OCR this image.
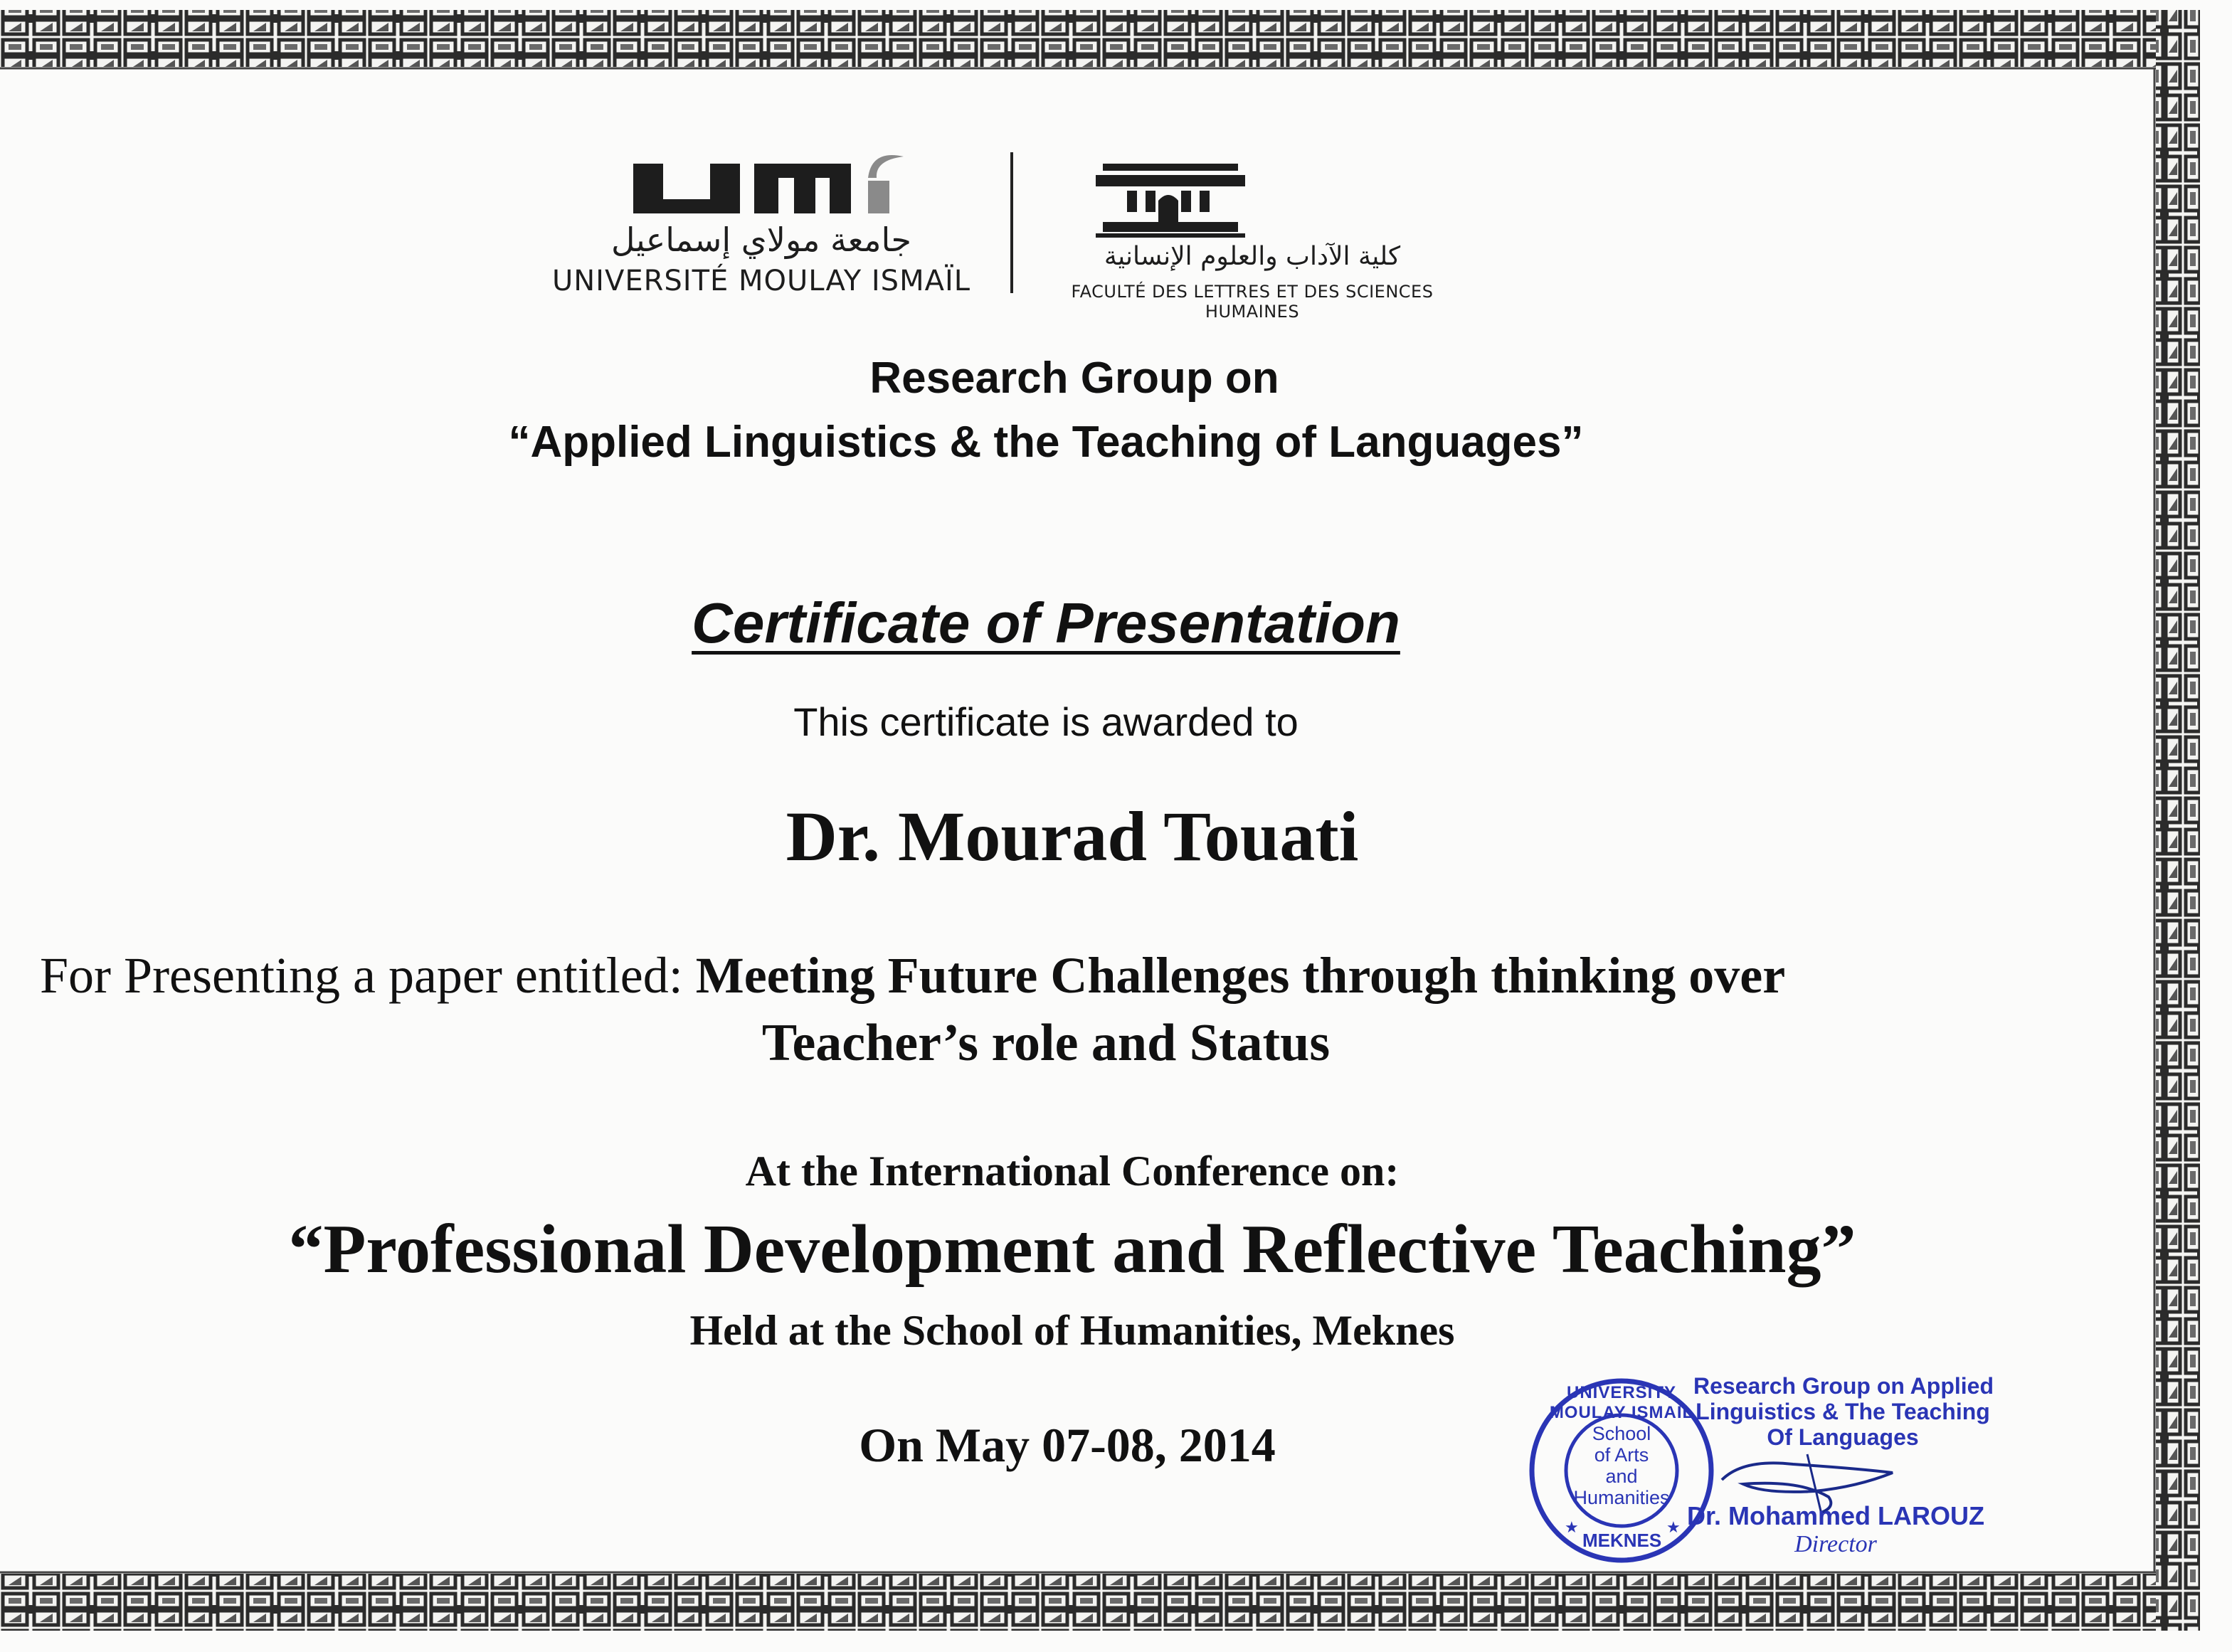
جامعة مولاي إسماعيل
UNIVERSITÉ MOULAY ISMAÏL
كلية الآداب والعلوم الإنسانية
FACULTÉ DES LETTRES ET DES SCIENCES HUMAINES
Research Group on
“Applied Linguistics & the Teaching of Languages”
Certificate of Presentation
This certificate is awarded to
Dr. Mourad Touati
For Presenting a paper entitled: Meeting Future Challenges through thinking over
Teacher’s role and Status
At the International Conference on:
“Professional Development and Reflective Teaching”
Held at the School of Humanities, Meknes
On May 07-08, 2014
★	★
UNIVERSITY MOULAY ISMAIL
School
of Arts
and
Humanities
MEKNES
Research Group on Applied
Linguistics & The Teaching
Of Languages
Dr. Mohammed LAROUZ
Director
